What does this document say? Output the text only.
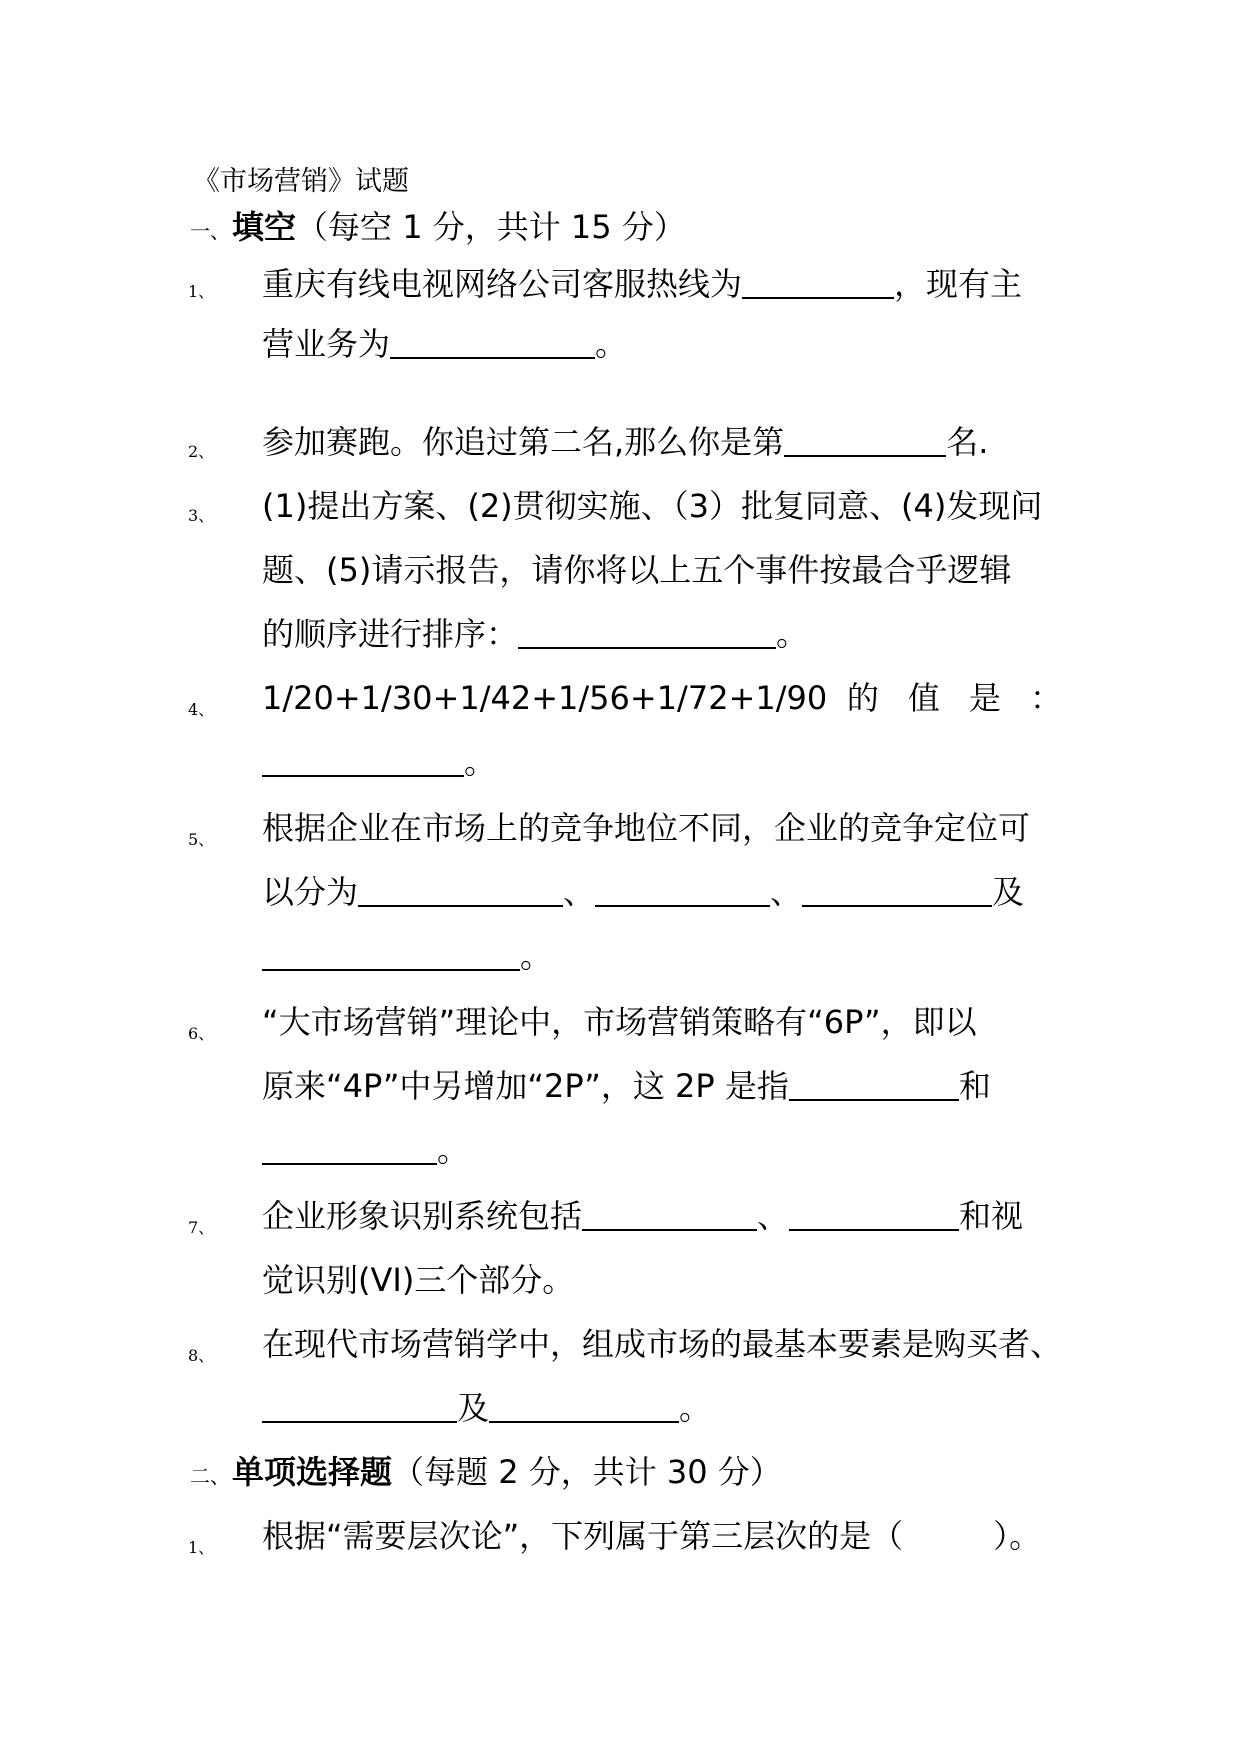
《市场营销》试题
一、填空（每空 1 分，共计 15 分）
1、 重庆有线电视网络公司客服热线为	，现有主
营业务为	。
2、 参加赛跑。你追过第二名,那么你是第	名.
3、 (1)提出方案、(2)贯彻实施、（3）批复同意、(4)发现问
题、(5)请示报告，请你将以上五个事件按最合乎逻辑
的顺序进行排序：	。
4、 1/20+1/30+1/42+1/56+1/72+1/90 的 值 是 ：
。
5、 根据企业在市场上的竞争地位不同，企业的竞争定位可
以分为	、	、	及
。
6、 “大市场营销”理论中，市场营销策略有“6P”，即以
原来“4P”中另增加“2P”，这 2P 是指	和
。
7、 企业形象识别系统包括	、	和视
觉识别(VI)三个部分。
8、 在现代市场营销学中，组成市场的最基本要素是购买者、
及	。
二、单项选择题（每题 2 分，共计 30 分）
1、 根据“需要层次论”，下列属于第三层次的是（	）。
